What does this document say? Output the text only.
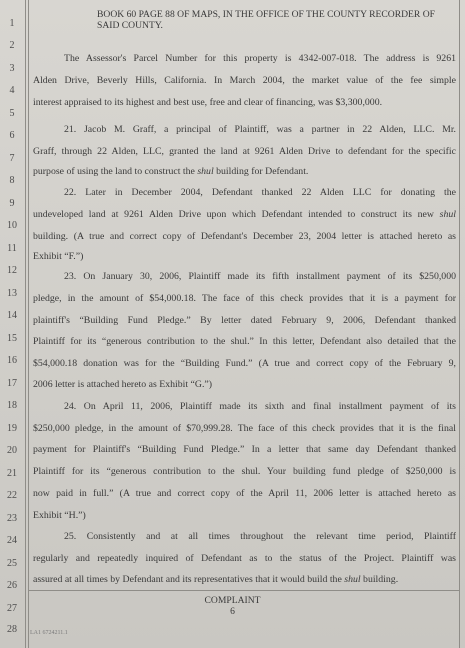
1
2
3
4
5
6
7
8
9
10
11
12
13
14
15
16
17
18
19
20
21
22
23
24
25
26
27
28
BOOK 60 PAGE 88 OF MAPS, IN THE OFFICE OF THE COUNTY RECORDER OF SAID COUNTY.
The Assessor's Parcel Number for this property is 4342-007-018. The address is 9261
Alden Drive, Beverly Hills, California. In March 2004, the market value of the fee simple
interest appraised to its highest and best use, free and clear of financing, was $3,300,000.
21. Jacob M. Graff, a principal of Plaintiff, was a partner in 22 Alden, LLC. Mr.
Graff, through 22 Alden, LLC, granted the land at 9261 Alden Drive to defendant for the specific
purpose of using the land to construct the shul building for Defendant.
22. Later in December 2004, Defendant thanked 22 Alden LLC for donating the
undeveloped land at 9261 Alden Drive upon which Defendant intended to construct its new shul
building. (A true and correct copy of Defendant's December 23, 2004 letter is attached hereto as
Exhibit “F.”)
23. On January 30, 2006, Plaintiff made its fifth installment payment of its $250,000
pledge, in the amount of $54,000.18. The face of this check provides that it is a payment for
plaintiff's “Building Fund Pledge.” By letter dated February 9, 2006, Defendant thanked
Plaintiff for its “generous contribution to the shul.” In this letter, Defendant also detailed that the
$54,000.18 donation was for the “Building Fund.” (A true and correct copy of the February 9,
2006 letter is attached hereto as Exhibit “G.”)
24. On April 11, 2006, Plaintiff made its sixth and final installment payment of its
$250,000 pledge, in the amount of $70,999.28. The face of this check provides that it is the final
payment for Plaintiff's “Building Fund Pledge.” In a letter that same day Defendant thanked
Plaintiff for its “generous contribution to the shul. Your building fund pledge of $250,000 is
now paid in full.” (A true and correct copy of the April 11, 2006 letter is attached hereto as
Exhibit “H.”)
25. Consistently and at all times throughout the relevant time period, Plaintiff
regularly and repeatedly inquired of Defendant as to the status of the Project. Plaintiff was
assured at all times by Defendant and its representatives that it would build the shul building.
COMPLAINT
6
LA1 6724211.1
